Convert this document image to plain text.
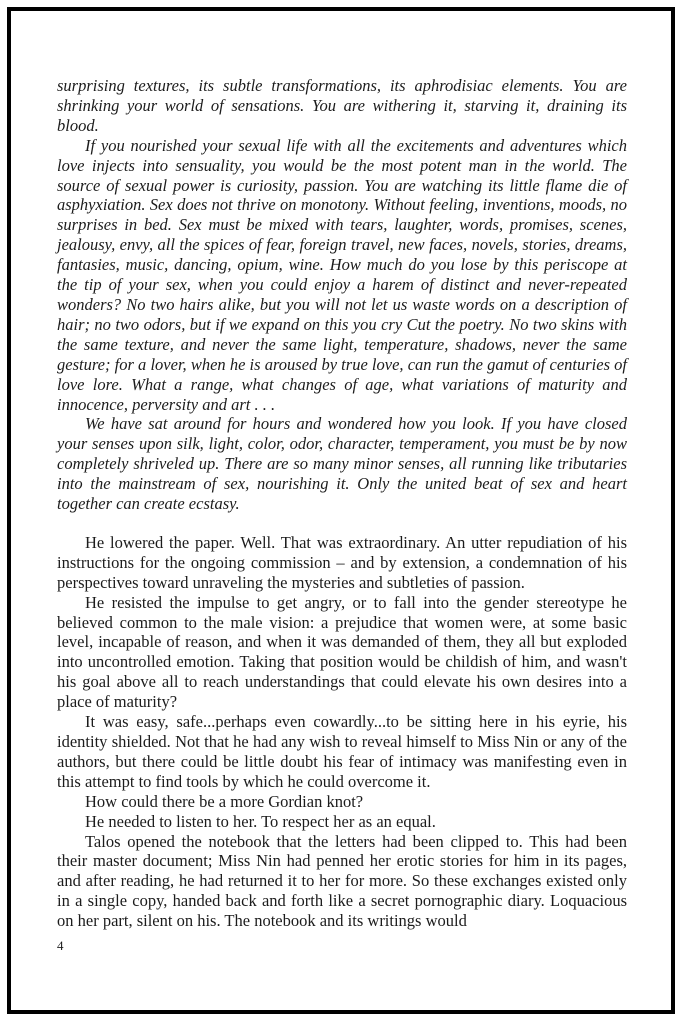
surprising textures, its subtle transformations, its aphrodisiac elements. You are shrinking your world of sensations. You are withering it, starving it, draining its blood.

If you nourished your sexual life with all the excitements and adventures which love injects into sensuality, you would be the most potent man in the world. The source of sexual power is curiosity, passion. You are watching its little flame die of asphyxiation. Sex does not thrive on monotony. Without feeling, inventions, moods, no surprises in bed. Sex must be mixed with tears, laughter, words, promises, scenes, jealousy, envy, all the spices of fear, foreign travel, new faces, novels, stories, dreams, fantasies, music, dancing, opium, wine. How much do you lose by this periscope at the tip of your sex, when you could enjoy a harem of distinct and never-repeated wonders? No two hairs alike, but you will not let us waste words on a description of hair; no two odors, but if we expand on this you cry Cut the poetry. No two skins with the same texture, and never the same light, temperature, shadows, never the same gesture; for a lover, when he is aroused by true love, can run the gamut of centuries of love lore. What a range, what changes of age, what variations of maturity and innocence, perversity and art . . .

We have sat around for hours and wondered how you look. If you have closed your senses upon silk, light, color, odor, character, temperament, you must be by now completely shriveled up. There are so many minor senses, all running like tributaries into the mainstream of sex, nourishing it. Only the united beat of sex and heart together can create ecstasy.

He lowered the paper. Well. That was extraordinary. An utter repudiation of his instructions for the ongoing commission – and by extension, a condemnation of his perspectives toward unraveling the mysteries and subtleties of passion.

He resisted the impulse to get angry, or to fall into the gender stereotype he believed common to the male vision: a prejudice that women were, at some basic level, incapable of reason, and when it was demanded of them, they all but exploded into uncontrolled emotion. Taking that position would be childish of him, and wasn't his goal above all to reach understandings that could elevate his own desires into a place of maturity?

It was easy, safe...perhaps even cowardly...to be sitting here in his eyrie, his identity shielded. Not that he had any wish to reveal himself to Miss Nin or any of the authors, but there could be little doubt his fear of intimacy was manifesting even in this attempt to find tools by which he could overcome it.

How could there be a more Gordian knot?

He needed to listen to her. To respect her as an equal.

Talos opened the notebook that the letters had been clipped to. This had been their master document; Miss Nin had penned her erotic stories for him in its pages, and after reading, he had returned it to her for more. So these exchanges existed only in a single copy, handed back and forth like a secret pornographic diary. Loquacious on her part, silent on his. The notebook and its writings would

4
